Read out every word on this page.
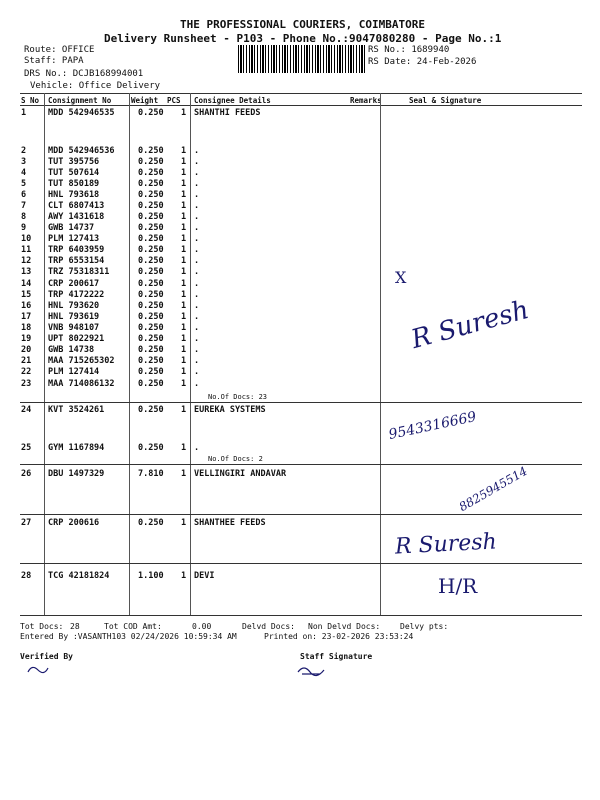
THE PROFESSIONAL COURIERS, COIMBATORE
Delivery Runsheet - P103 - Phone No.:9047080280 - Page No.:1
Route: OFFICE
Staff: PAPA
DRS No.: DCJB168994001
Vehicle: Office Delivery
RS No.: 1689940
RS Date: 24-Feb-2026
S No Consignment No	Weight PCS Consignee Details	Remarks	Seal & Signature
1	MDD 542946535	0.250 1 SHANTHI FEEDS
2	MDD 542946536	0.250 1 .
3	TUT 395756	0.250 1 .
4	TUT 507614	0.250 1 .
5	TUT 850189	0.250 1 .
6	HNL 793618	0.250 1 .
7	CLT 6807413	0.250 1 .
8	AWY 1431618	0.250 1 .
9	GWB 14737	0.250 1 .
10 PLM 127413	0.250 1 .
11 TRP 6403959	0.250 1 .
12 TRP 6553154	0.250 1 .
13 TRZ 75318311	0.250 1 .
14 CRP 200617	0.250 1 .
15 TRP 4172222	0.250 1 .
16 HNL 793620	0.250 1 .
17 HNL 793619	0.250 1 .
18 VNB 948107	0.250 1 .
19 UPT 8022921	0.250 1 .
20 GWB 14738	0.250 1 .
21 MAA 715265302	0.250 1 .
22 PLM 127414	0.250 1 .
23 MAA 714086132	0.250 1 .
24 KVT 3524261	0.250 1 EUREKA SYSTEMS
25 GYM 1167894	0.250 1 .
26 DBU 1497329	7.810 1 VELLINGIRI ANDAVAR
27 CRP 200616	0.250 1 SHANTHEE FEEDS
28 TCG 42181824	1.100 1 DEVI
No.Of Docs: 23
No.Of Docs: 2
X
R Suresh
9543316669
8825945514
R Suresh
H/R
Tot Docs: 28	Tot COD Amt:	0.00	Delvd Docs: Non Delvd Docs: Delvy pts:
Entered By :VASANTH103 02/24/2026 10:59:34 AM	Printed on: 23-02-2026 23:53:24
Verified By	Staff Signature
